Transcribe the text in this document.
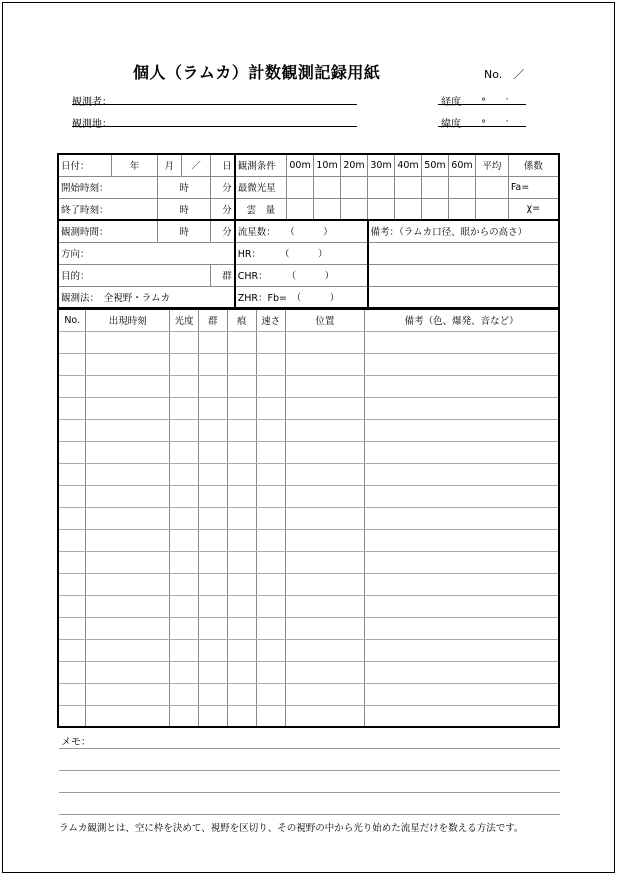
個人（ラムカ）計数観測記録用紙	No.　／
観測者：
観測地：
経度　　°　　′
緯度　　°　　′
日付：	年	月	／	日	観測条件	00m	10m	20m	30m	40m	50m	60m	平均	係数
開始時刻：		時		分	最微光星									Fa=
終了時刻：		時		分	雲　量									χ=
観測時間：		時		分	流星数：　　（　　　）				備考：（ラムカ口径、眼からの高さ）					
方向：					HR：　　　（　　　）									
目的：				群	CHR：　　　（　　　）									
観測法：　全視野・ラムカ					ZHR：Fb=　（　　　）									
No.	出現時刻	光度	群	痕	速さ	位置	備考（色、爆発、音など）

メモ：
ラムカ観測とは、空に枠を決めて、視野を区切り、その視野の中から光り始めた流星だけを数える方法です。
